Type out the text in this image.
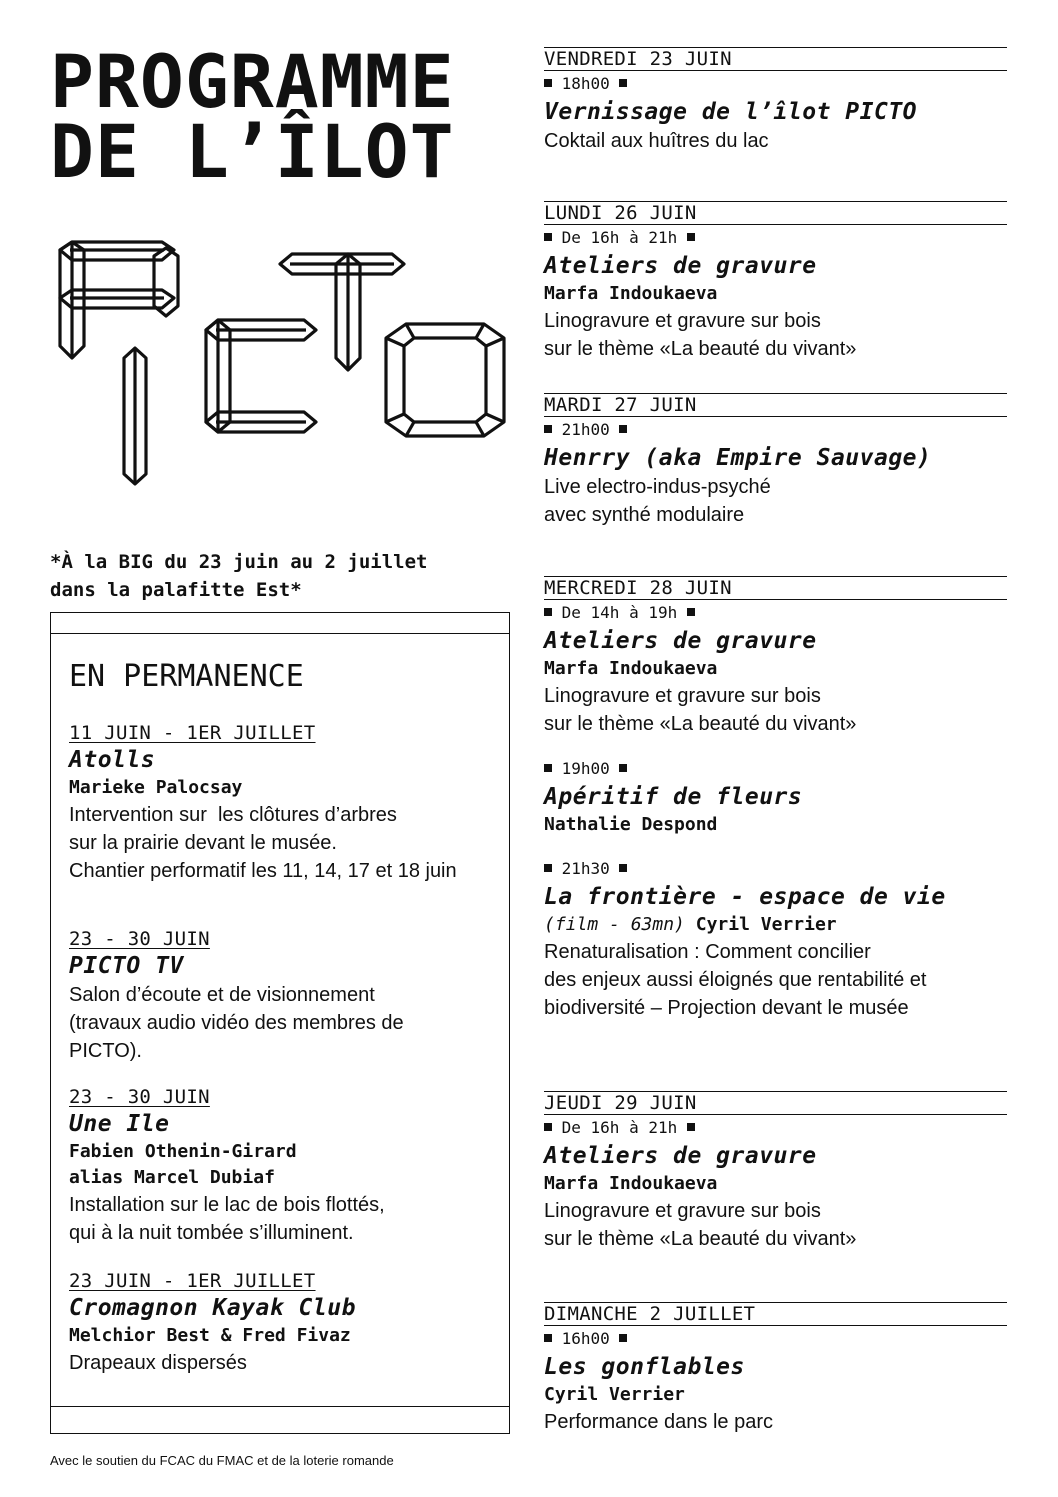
PROGRAMME
DE L’ÎLOT
*À la BIG du 23 juin au 2 juillet
dans la palafitte Est*
EN PERMANENCE
11 JUIN - 1ER JUILLET
Atolls
Marieke Palocsay
Intervention sur  les clôtures d’arbres
sur la prairie devant le musée.
Chantier performatif les 11, 14, 17 et 18 juin
23 - 30 JUIN
PICTO TV
Salon d’écoute et de visionnement
(travaux audio vidéo des membres de
PICTO).
23 - 30 JUIN
Une Ile
Fabien Othenin-Girard
alias Marcel Dubiaf
Installation sur le lac de bois flottés,
qui à la nuit tombée s’illuminent.
23 JUIN - 1ER JUILLET
Cromagnon Kayak Club
Melchior Best & Fred Fivaz
Drapeaux dispersés
Avec le soutien du FCAC du FMAC et de la loterie romande
VENDREDI 23 JUIN
18h00
Vernissage de l’îlot PICTO
Coktail aux huîtres du lac
LUNDI 26 JUIN
De 16h à 21h
Ateliers de gravure
Marfa Indoukaeva
Linogravure et gravure sur bois
sur le thème «La beauté du vivant»
MARDI 27 JUIN
21h00
Henrry (aka Empire Sauvage)
Live electro-indus-psyché
avec synthé modulaire
MERCREDI 28 JUIN
De 14h à 19h
Ateliers de gravure
Marfa Indoukaeva
Linogravure et gravure sur bois
sur le thème «La beauté du vivant»
19h00
Apéritif de fleurs
Nathalie Despond
21h30
La frontière - espace de vie
(film - 63mn) Cyril Verrier
Renaturalisation : Comment concilier
des enjeux aussi éloignés que rentabilité et
biodiversité – Projection devant le musée
JEUDI 29 JUIN
De 16h à 21h
Ateliers de gravure
Marfa Indoukaeva
Linogravure et gravure sur bois
sur le thème «La beauté du vivant»
DIMANCHE 2 JUILLET
16h00
Les gonflables
Cyril Verrier
Performance dans le parc
